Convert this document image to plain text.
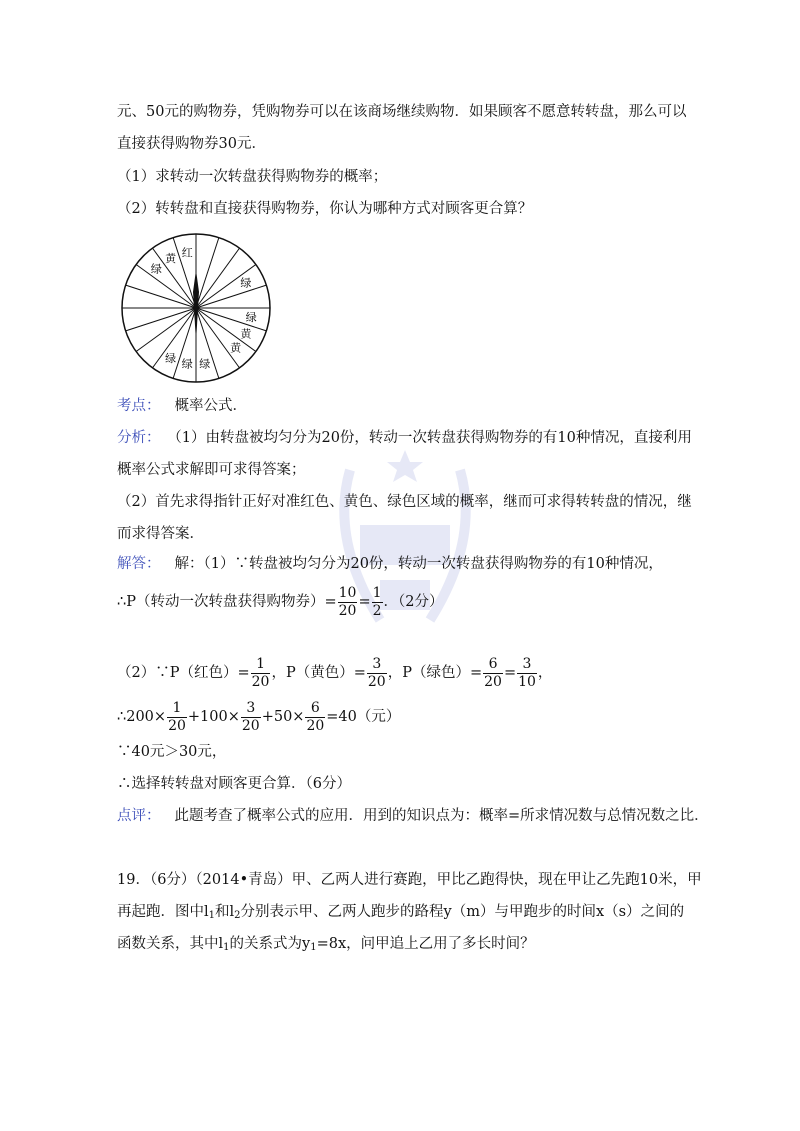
元、50元的购物券，凭购物券可以在该商场继续购物．如果顾客不愿意转转盘，那么可以
直接获得购物券30元．
（1）求转动一次转盘获得购物券的概率；
（2）转转盘和直接获得购物券，你认为哪种方式对顾客更合算？
红
绿
黄
绿
黄
绿
黄
绿 绿 绿
考点： 概率公式．
分析： （1）由转盘被均匀分为20份，转动一次转盘获得购物券的有10种情况，直接利用
概率公式求解即可求得答案；
（2）首先求得指针正好对准红色、黄色、绿色区域的概率，继而可求得转转盘的情况，继
而求得答案．
解答： 解：（1）∵转盘被均匀分为20份，转动一次转盘获得购物券的有10种情况，
∴P（转动一次转盘获得购物券）= $\frac{10}{20} = \frac{1}{2}$ ．（2分）
（2）∵P（红色）= $\frac{1}{20}$ ，P（黄色）= $\frac{3}{20}$ ，P（绿色）= $\frac{6}{20} = \frac{3}{10}$ ，
∴200× $\frac{1}{20} +100\times \frac{3}{20} +50\times \frac{6}{20} =40$（元）
∵40元＞30元，
∴选择转转盘对顾客更合算．（6分）
点评： 此题考查了概率公式的应用．用到的知识点为：概率=所求情况数与总情况数之比．
19．（6分）（2014•青岛）甲、乙两人进行赛跑，甲比乙跑得快，现在甲让乙先跑10米，甲
再起跑．图中$l_1$和$l_2$分别表示甲、乙两人跑步的路程y（m）与甲跑步的时间x（s）之间的
函数关系，其中$l_1$的关系式为$y_1=8x$，问甲追上乙用了多长时间？
